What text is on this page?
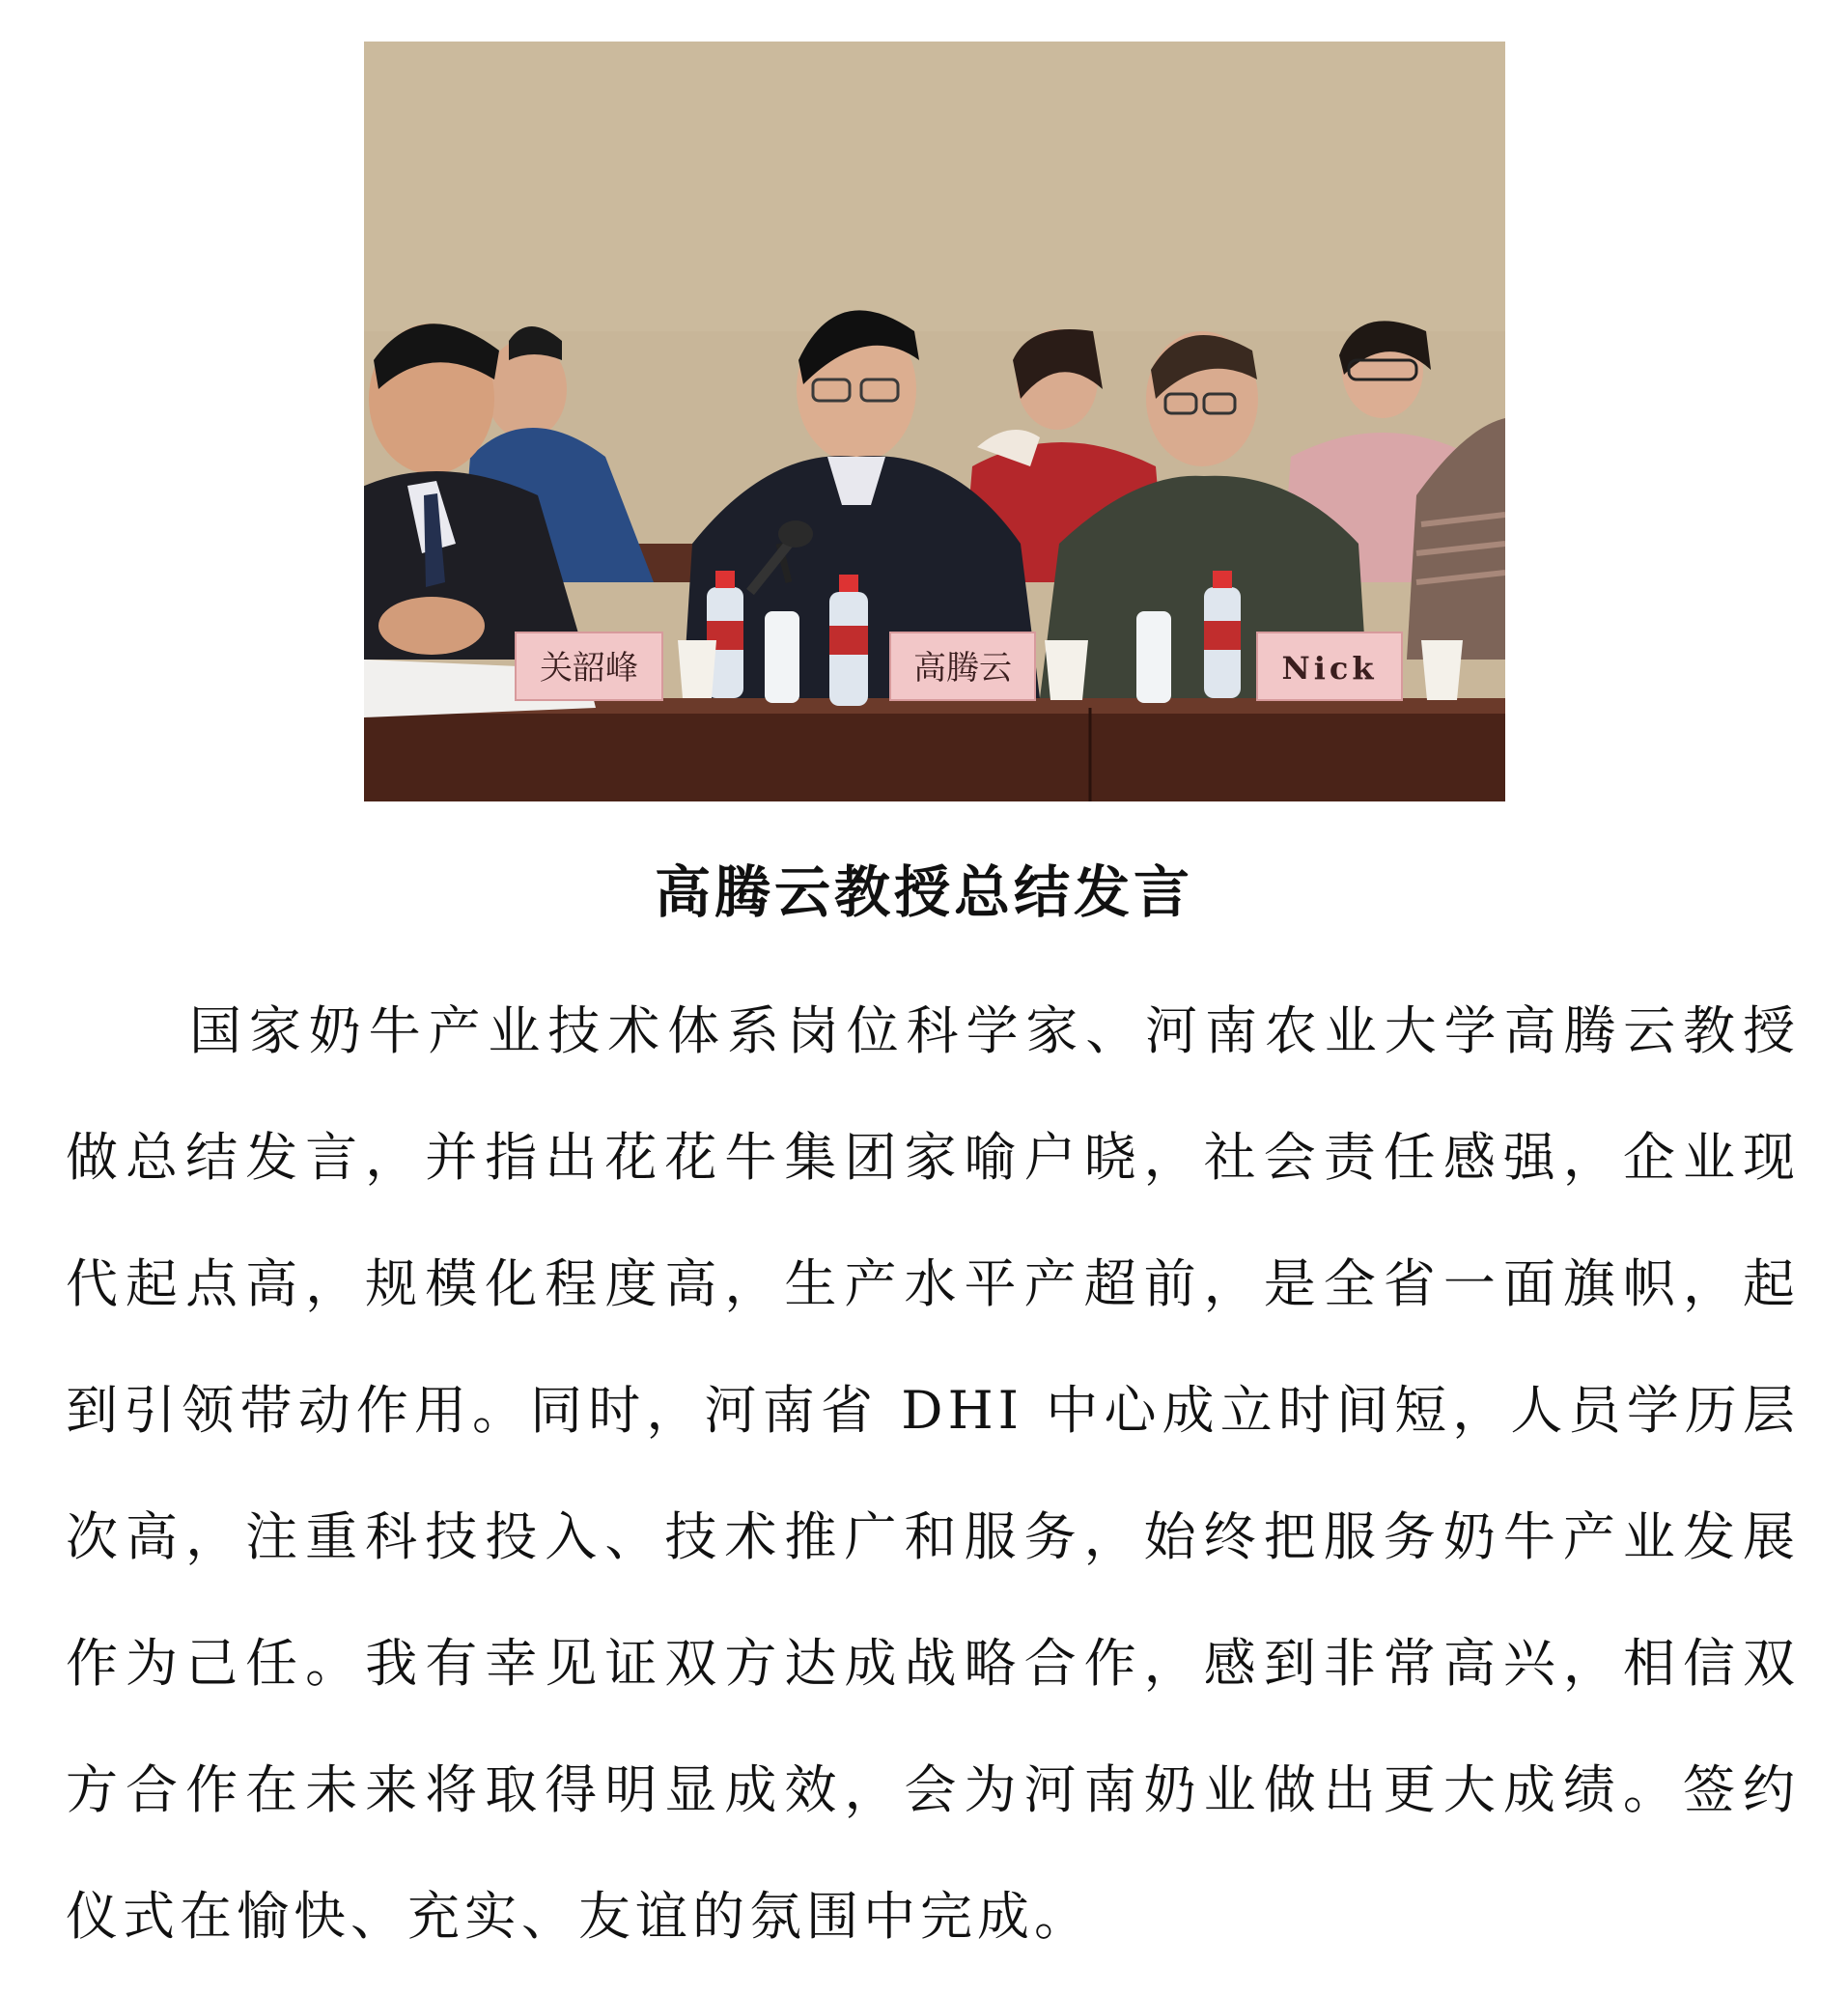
关韶峰	高腾云	Nick
高腾云教授总结发言
国家奶牛产业技术体系岗位科学家、河南农业大学高腾云教授
做总结发言，并指出花花牛集团家喻户晓，社会责任感强，企业现
代起点高，规模化程度高，生产水平产超前，是全省一面旗帜，起
到引领带动作用。同时，河南省 DHI 中心成立时间短，人员学历层
次高，注重科技投入、技术推广和服务，始终把服务奶牛产业发展
作为己任。我有幸见证双方达成战略合作，感到非常高兴，相信双
方合作在未来将取得明显成效，会为河南奶业做出更大成绩。签约
仪式在愉快、充实、友谊的氛围中完成。
